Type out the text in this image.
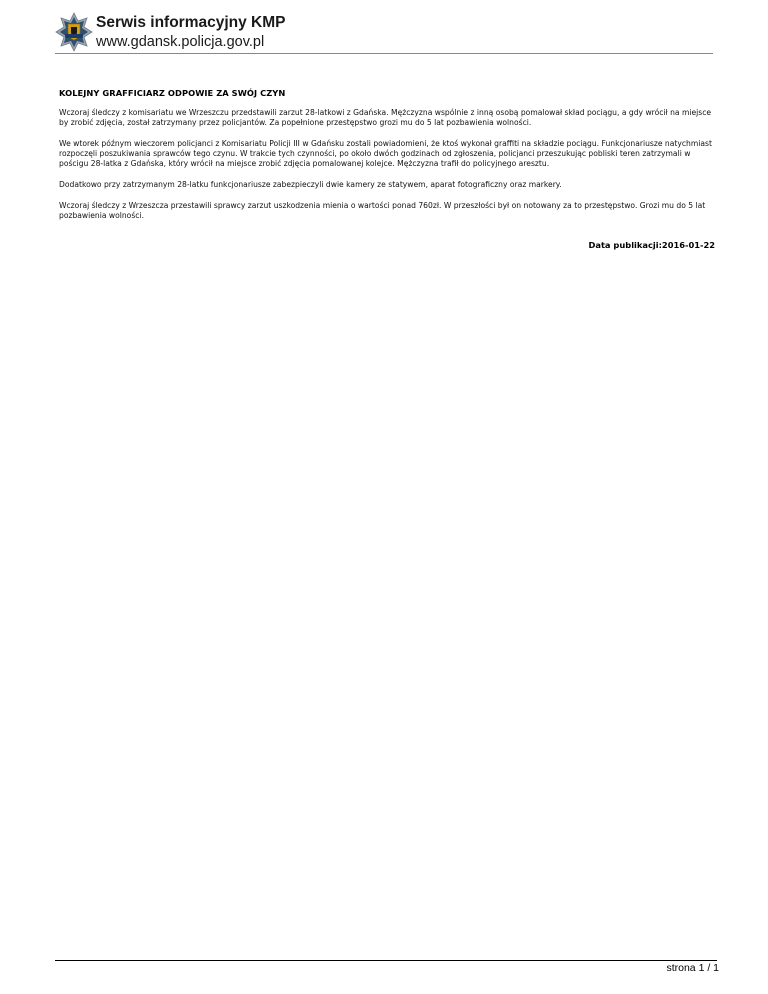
Serwis informacyjny KMP
www.gdansk.policja.gov.pl
KOLEJNY GRAFFICIARZ ODPOWIE ZA SWÓJ CZYN

Wczoraj śledczy z komisariatu we Wrzeszczu przedstawili zarzut 28-latkowi z Gdańska. Mężczyzna wspólnie z inną osobą pomalował skład pociągu, a gdy wrócił na miejsce by zrobić zdjęcia, został zatrzymany przez policjantów. Za popełnione przestępstwo grozi mu do 5 lat pozbawienia wolności.

We wtorek późnym wieczorem policjanci z Komisariatu Policji III w Gdańsku zostali powiadomieni, że ktoś wykonał graffiti na składzie pociągu. Funkcjonariusze natychmiast rozpoczęli poszukiwania sprawców tego czynu. W trakcie tych czynności, po około dwóch godzinach od zgłoszenia, policjanci przeszukując pobliski teren zatrzymali w pościgu 28-latka z Gdańska, który wrócił na miejsce zrobić zdjęcia pomalowanej kolejce. Mężczyzna trafił do policyjnego aresztu.

Dodatkowo przy zatrzymanym 28-latku funkcjonariusze zabezpieczyli dwie kamery ze statywem, aparat fotograficzny oraz markery.

Wczoraj śledczy z Wrzeszcza przestawili sprawcy zarzut uszkodzenia mienia o wartości ponad 760zł. W przeszłości był on notowany za to przestępstwo. Grozi mu do 5 lat pozbawienia wolności.

Data publikacji:2016-01-22
strona 1 / 1
